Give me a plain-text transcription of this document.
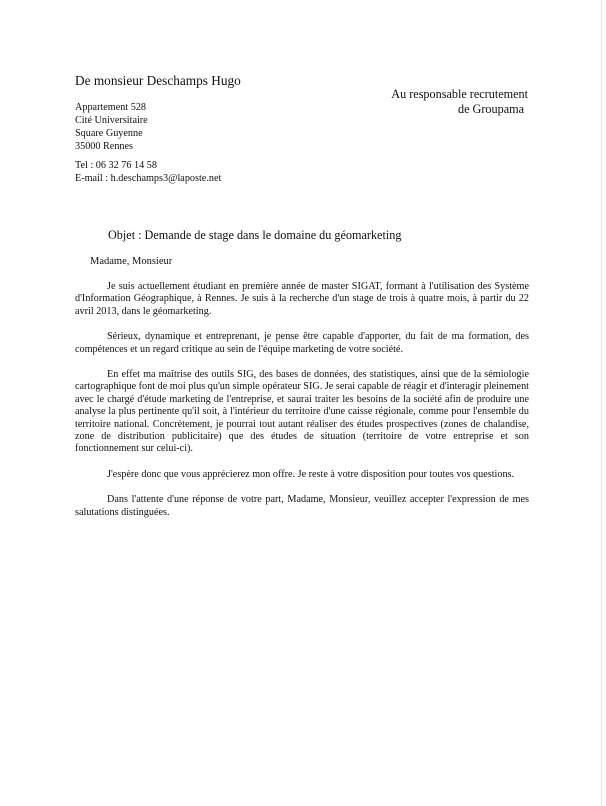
De monsieur Deschamps Hugo
Appartement 528
Cité Universitaire
Square Guyenne
35000 Rennes
Tel : 06 32 76 14 58
E-mail : h.deschamps3@laposte.net
Au responsable recrutement
de Groupama
Objet : Demande de stage dans le domaine du géomarketing
Madame, Monsieur

Je suis actuellement étudiant en première année de master SIGAT, formant à l'utilisation des Système d'Information Géographique, à Rennes. Je suis à la recherche d'un stage de trois à quatre mois, à partir du 22 avril 2013, dans le géomarketing.

Sérieux, dynamique et entreprenant, je pense être capable d'apporter, du fait de ma formation, des compétences et un regard critique au sein de l'équipe marketing de votre société.

En effet ma maîtrise des outils SIG, des bases de données, des statistiques, ainsi que de la sémiologie cartographique font de moi plus qu'un simple opérateur SIG. Je serai capable de réagir et d'interagir pleinement avec le chargé d'étude marketing de l'entreprise, et saurai traiter les besoins de la société afin de produire une analyse la plus pertinente qu'il soit, à l'intérieur du territoire d'une caisse régionale, comme pour l'ensemble du territoire national. Concrètement, je pourrai tout autant réaliser des études prospectives (zones de chalandise, zone de distribution publicitaire) que des études de situation (territoire de votre entreprise et son fonctionnement sur celui-ci).

J'espère donc que vous apprécierez mon offre. Je reste à votre disposition pour toutes vos questions.

Dans l'attente d'une réponse de votre part, Madame, Monsieur, veuillez accepter l'expression de mes salutations distinguées.
